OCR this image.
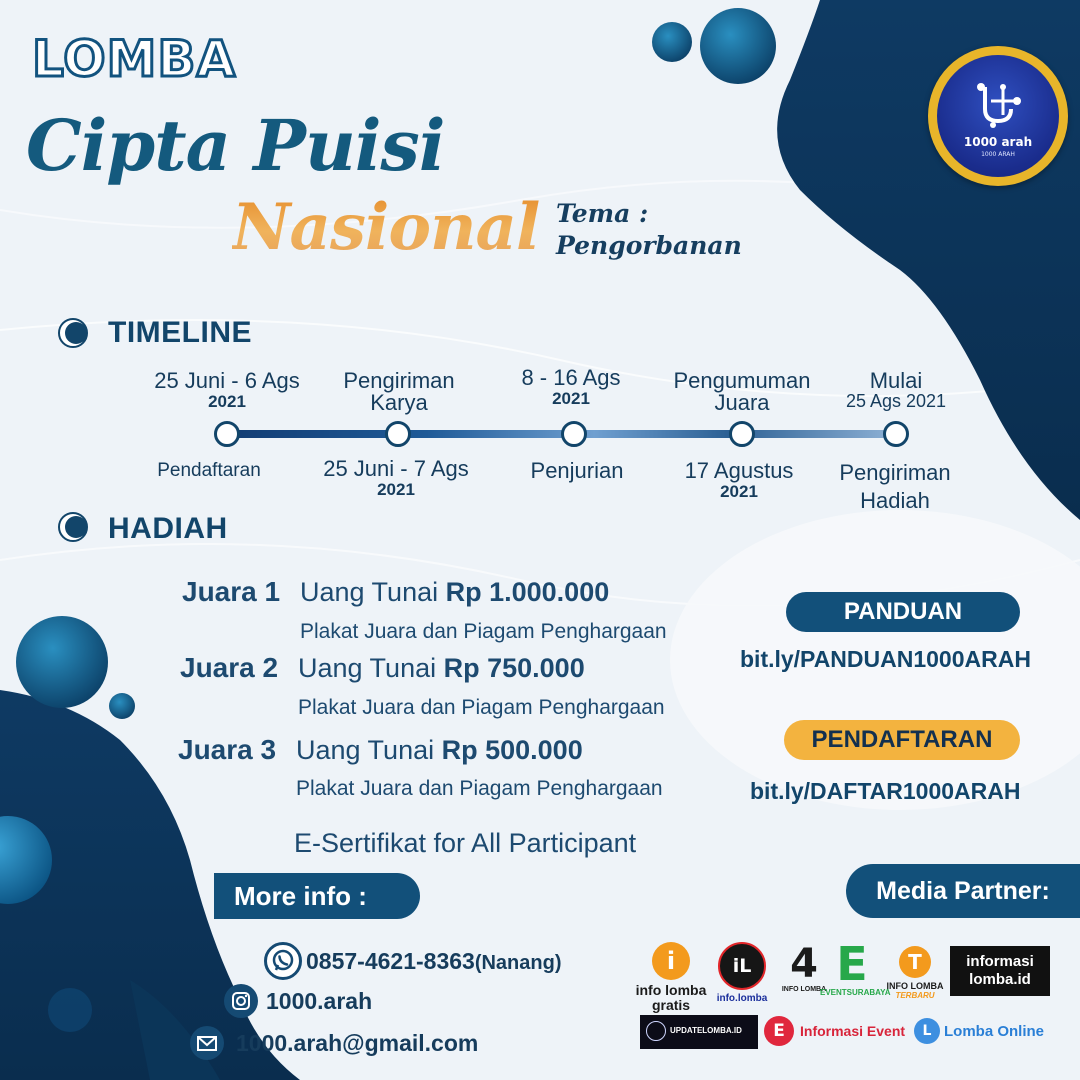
LOMBA
Cipta Puisi
Nasional Tema :
Pengorbanan
1000 arah
1000 ARAH
TIMELINE
25 Juni - 6 Ags
2021
Pengiriman
Karya
8 - 16 Ags
2021
Pengumuman
Juara
Mulai
25 Ags 2021
Pendaftaran	25 Juni - 7 Ags
2021
Penjurian	17 Agustus
2021
Pengiriman
Hadiah
HADIAH
Juara 1 Uang Tunai Rp 1.000.000
Plakat Juara dan Piagam Penghargaan
Juara 2 Uang Tunai Rp 750.000
Plakat Juara dan Piagam Penghargaan
Juara 3 Uang Tunai Rp 500.000
Plakat Juara dan Piagam Penghargaan
E-Sertifikat for All Participant
PANDUAN
bit.ly/PANDUAN1000ARAH
PENDAFTARAN
bit.ly/DAFTAR1000ARAH
More info :
0857-4621-8363(Nanang)
1000.arah
1000.arah@gmail.com
Media Partner:
i
info lomba
gratis
iL
info.lomba
4
INFO LOMBA E
EVENTSURABAYA
T
INFO LOMBA
TERBARU
informasi
lomba.id
UPDATELOMBA.ID	E	Informasi Event	L Lomba Online
